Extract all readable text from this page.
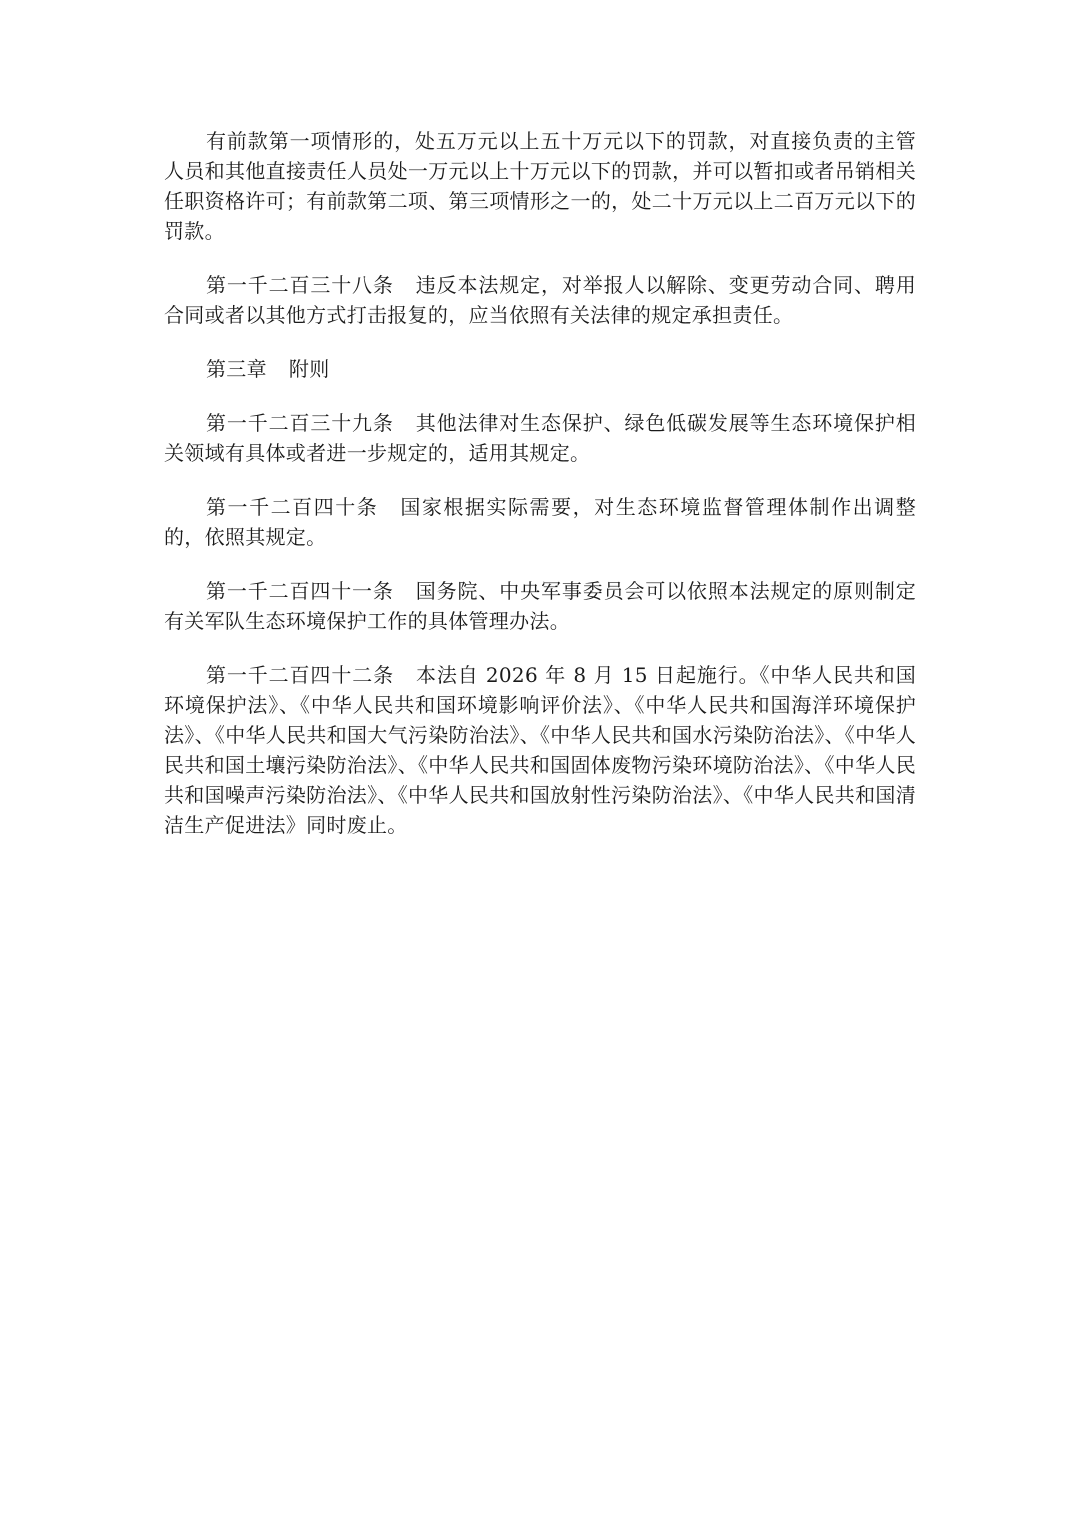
有前款第一项情形的，处五万元以上五十万元以下的罚款，对直接负责的主管人员和其他直接责任人员处一万元以上十万元以下的罚款，并可以暂扣或者吊销相关任职资格许可；有前款第二项、第三项情形之一的，处二十万元以上二百万元以下的罚款。

第一千二百三十八条 违反本法规定，对举报人以解除、变更劳动合同、聘用合同或者以其他方式打击报复的，应当依照有关法律的规定承担责任。

第三章 附则

第一千二百三十九条 其他法律对生态保护、绿色低碳发展等生态环境保护相关领域有具体或者进一步规定的，适用其规定。

第一千二百四十条 国家根据实际需要，对生态环境监督管理体制作出调整的，依照其规定。

第一千二百四十一条 国务院、中央军事委员会可以依照本法规定的原则制定有关军队生态环境保护工作的具体管理办法。

第一千二百四十二条 本法自 2026 年 8 月 15 日起施行。《中华人民共和国环境保护法》、《中华人民共和国环境影响评价法》、《中华人民共和国海洋环境保护法》、《中华人民共和国大气污染防治法》、《中华人民共和国水污染防治法》、《中华人民共和国土壤污染防治法》、《中华人民共和国固体废物污染环境防治法》、《中华人民共和国噪声污染防治法》、《中华人民共和国放射性污染防治法》、《中华人民共和国清洁生产促进法》同时废止。
